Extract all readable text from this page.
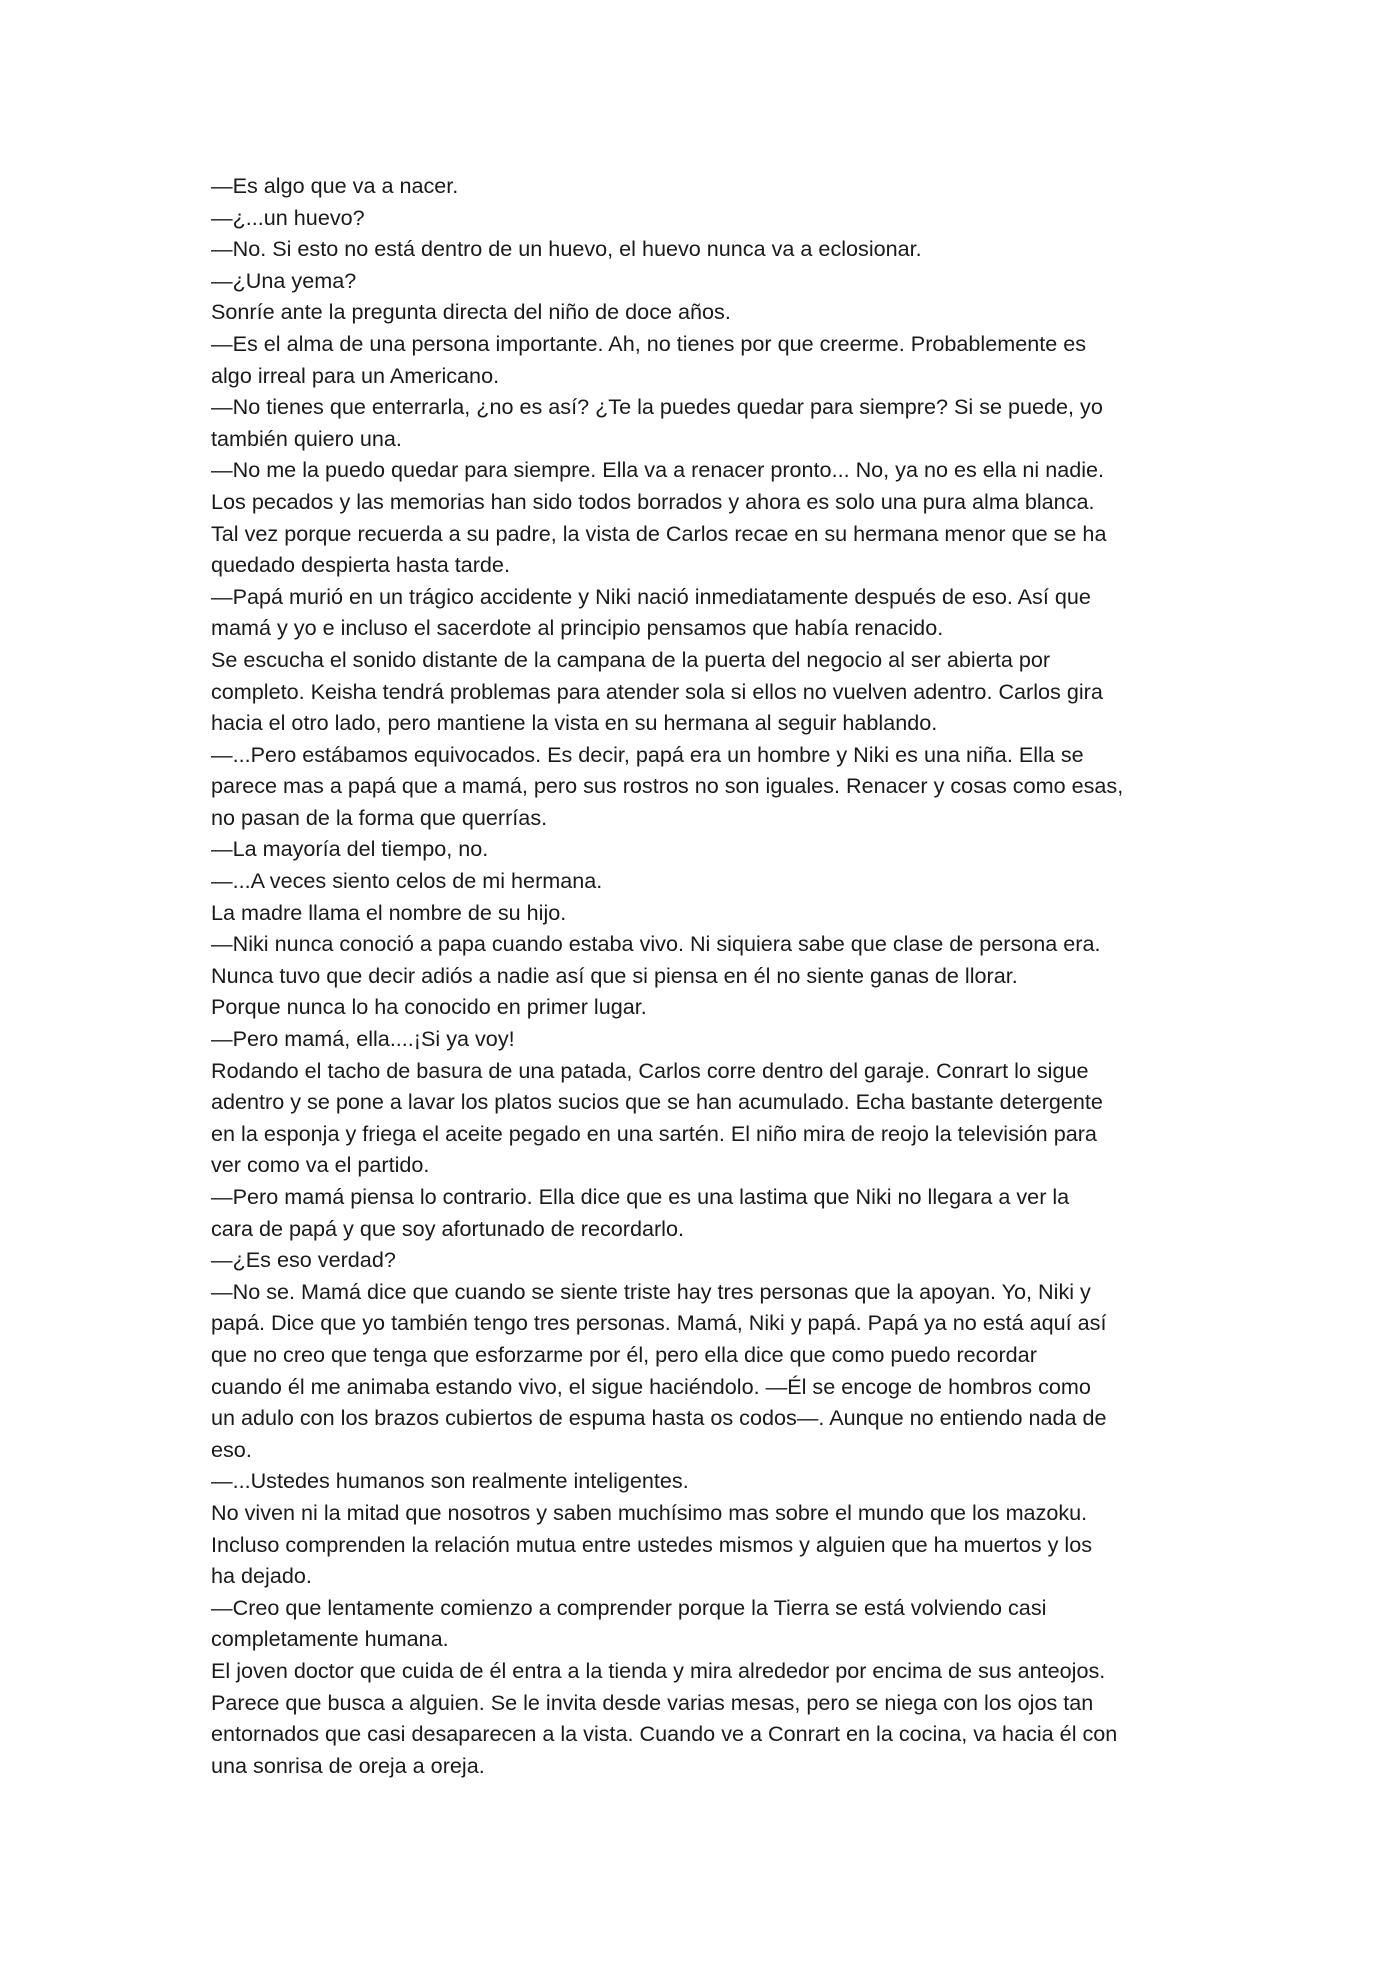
—Es algo que va a nacer.
—¿...un huevo?
—No. Si esto no está dentro de un huevo, el huevo nunca va a eclosionar.
—¿Una yema?
Sonríe ante la pregunta directa del niño de doce años.
—Es el alma de una persona importante. Ah, no tienes por que creerme. Probablemente es
algo irreal para un Americano.
—No tienes que enterrarla, ¿no es así? ¿Te la puedes quedar para siempre? Si se puede, yo
también quiero una.
—No me la puedo quedar para siempre. Ella va a renacer pronto... No, ya no es ella ni nadie.
Los pecados y las memorias han sido todos borrados y ahora es solo una pura alma blanca.
Tal vez porque recuerda a su padre, la vista de Carlos recae en su hermana menor que se ha
quedado despierta hasta tarde.
—Papá murió en un trágico accidente y Niki nació inmediatamente después de eso. Así que
mamá y yo e incluso el sacerdote al principio pensamos que había renacido.
Se escucha el sonido distante de la campana de la puerta del negocio al ser abierta por
completo. Keisha tendrá problemas para atender sola si ellos no vuelven adentro. Carlos gira
hacia el otro lado, pero mantiene la vista en su hermana al seguir hablando.
—...Pero estábamos equivocados. Es decir, papá era un hombre y Niki es una niña. Ella se
parece mas a papá que a mamá, pero sus rostros no son iguales. Renacer y cosas como esas,
no pasan de la forma que querrías.
—La mayoría del tiempo, no.
—...A veces siento celos de mi hermana.
La madre llama el nombre de su hijo.
—Niki nunca conoció a papa cuando estaba vivo. Ni siquiera sabe que clase de persona era.
Nunca tuvo que decir adiós a nadie así que si piensa en él no siente ganas de llorar.
Porque nunca lo ha conocido en primer lugar.
—Pero mamá, ella....¡Si ya voy!
Rodando el tacho de basura de una patada, Carlos corre dentro del garaje. Conrart lo sigue
adentro y se pone a lavar los platos sucios que se han acumulado. Echa bastante detergente
en la esponja y friega el aceite pegado en una sartén. El niño mira de reojo la televisión para
ver como va el partido.
—Pero mamá piensa lo contrario. Ella dice que es una lastima que Niki no llegara a ver la
cara de papá y que soy afortunado de recordarlo.
—¿Es eso verdad?
—No se. Mamá dice que cuando se siente triste hay tres personas que la apoyan. Yo, Niki y
papá. Dice que yo también tengo tres personas. Mamá, Niki y papá. Papá ya no está aquí así
que no creo que tenga que esforzarme por él, pero ella dice que como puedo recordar
cuando él me animaba estando vivo, el sigue haciéndolo. —Él se encoge de hombros como
un adulo con los brazos cubiertos de espuma hasta os codos—. Aunque no entiendo nada de
eso.
—...Ustedes humanos son realmente inteligentes.
No viven ni la mitad que nosotros y saben muchísimo mas sobre el mundo que los mazoku.
Incluso comprenden la relación mutua entre ustedes mismos y alguien que ha muertos y los
ha dejado.
—Creo que lentamente comienzo a comprender porque la Tierra se está volviendo casi
completamente humana.
El joven doctor que cuida de él entra a la tienda y mira alrededor por encima de sus anteojos.
Parece que busca a alguien. Se le invita desde varias mesas, pero se niega con los ojos tan
entornados que casi desaparecen a la vista. Cuando ve a Conrart en la cocina, va hacia él con
una sonrisa de oreja a oreja.
